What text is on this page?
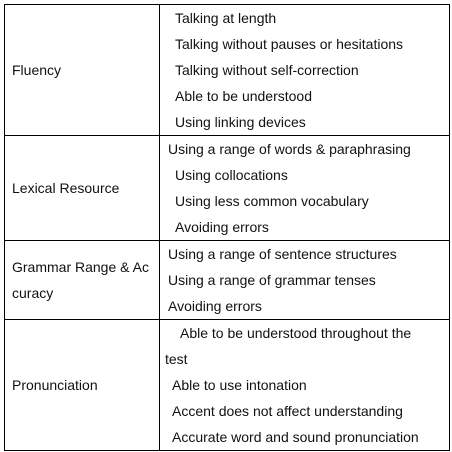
Fluency	Talking at length
Talking without pauses or hesitations
Talking without self-correction
Able to be understood
Using linking devices

Lexical Resource	Using a range of words & paraphrasing
Using collocations
Using less common vocabulary
Avoiding errors

Grammar Range & Accuracy	Using a range of sentence structures
Using a range of grammar tenses
Avoiding errors

Pronunciation	Able to be understood throughout the
test
Able to use intonation
Accent does not affect understanding
Accurate word and sound pronunciation
